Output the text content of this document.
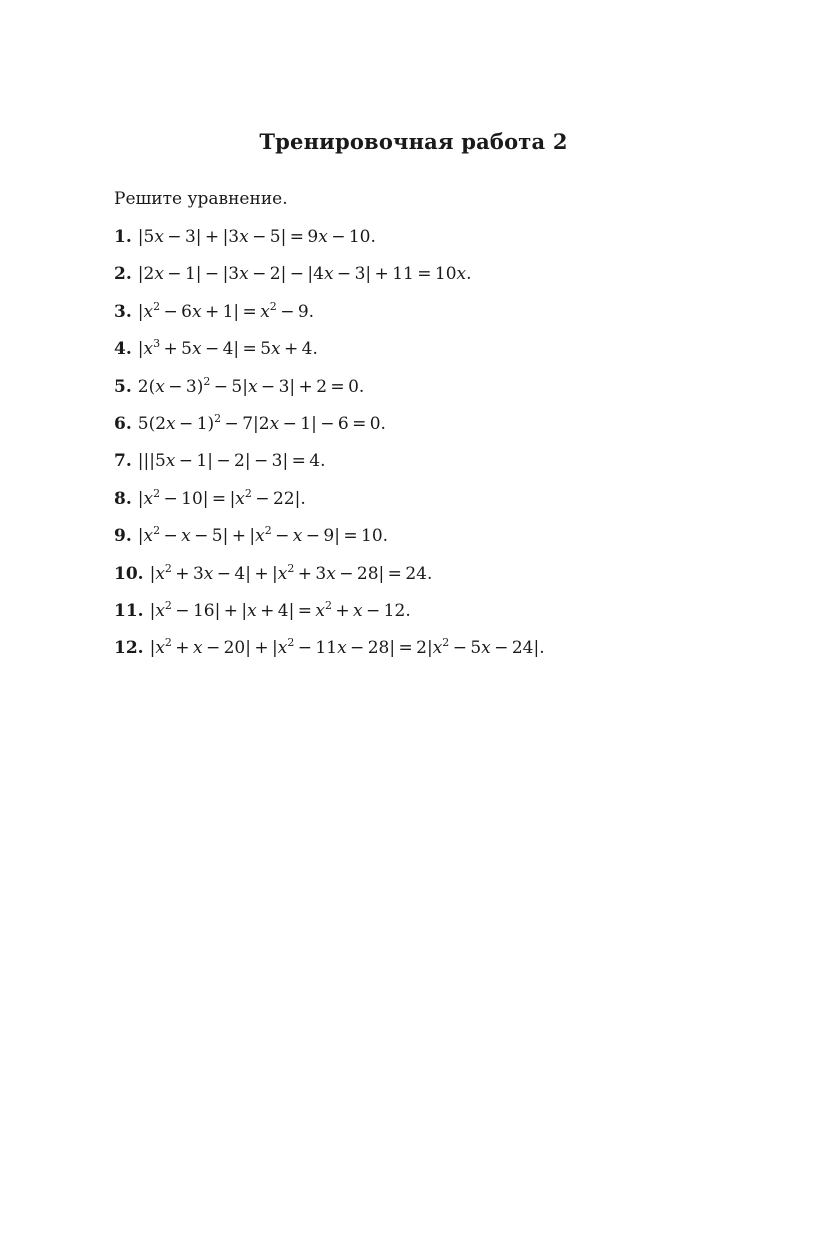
Тренировочная работа 2
Решите уравнение.
1. |5x − 3| + |3x − 5| = 9x − 10.
2. |2x − 1| − |3x − 2| − |4x − 3| + 11 = 10x.
3. $|x^2 - 6x + 1| = x^2 - 9$.
4. $|x^3 + 5x - 4| = 5x + 4$.
5. $2(x - 3)^2 - 5|x - 3| + 2 = 0$.
6. $5(2x - 1)^2 - 7|2x - 1| - 6 = 0$.
7. |||5x − 1| − 2| − 3| = 4.
8. $|x^2 - 10| = |x^2 - 22|$.
9. $|x^2 - x - 5| + |x^2 - x - 9| = 10$.
10. $|x^2 + 3x - 4| + |x^2 + 3x - 28| = 24$.
11. $|x^2 - 16| + |x + 4| = x^2 + x - 12$.
12. $|x^2 + x - 20| + |x^2 - 11x - 28| = 2|x^2 - 5x - 24|$.
